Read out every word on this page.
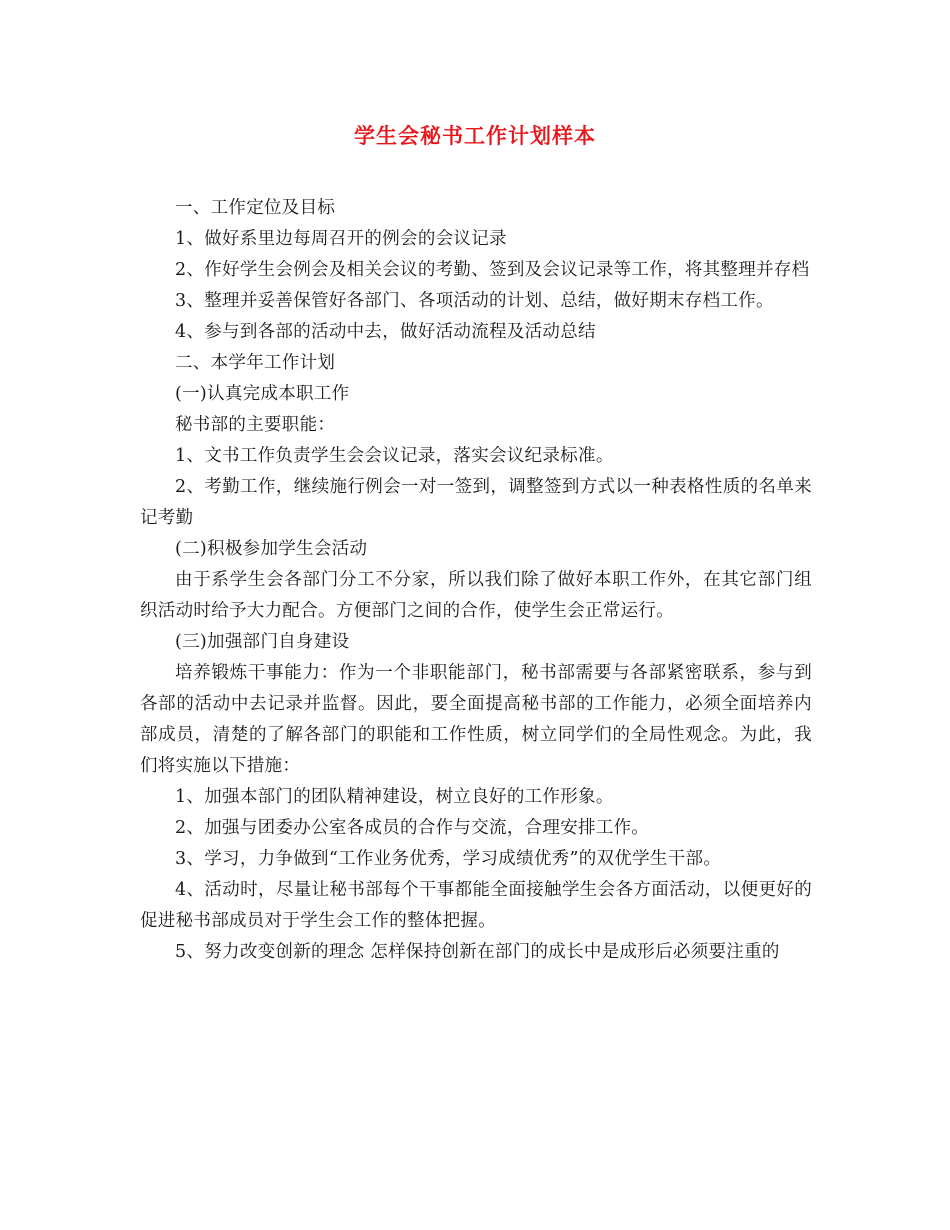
学生会秘书工作计划样本

一、工作定位及目标

1、做好系里边每周召开的例会的会议记录

2、作好学生会例会及相关会议的考勤、签到及会议记录等工作，将其整理并存档

3、整理并妥善保管好各部门、各项活动的计划、总结，做好期末存档工作。

4、参与到各部的活动中去，做好活动流程及活动总结

二、本学年工作计划

(一)认真完成本职工作

秘书部的主要职能：

1、文书工作负责学生会会议记录，落实会议纪录标准。

2、考勤工作，继续施行例会一对一签到，调整签到方式以一种表格性质的名单来记考勤

(二)积极参加学生会活动

由于系学生会各部门分工不分家，所以我们除了做好本职工作外，在其它部门组织活动时给予大力配合。方便部门之间的合作，使学生会正常运行。

(三)加强部门自身建设

培养锻炼干事能力：作为一个非职能部门，秘书部需要与各部紧密联系，参与到各部的活动中去记录并监督。因此，要全面提高秘书部的工作能力，必须全面培养内部成员，清楚的了解各部门的职能和工作性质，树立同学们的全局性观念。为此，我们将实施以下措施：

1、加强本部门的团队精神建设，树立良好的工作形象。

2、加强与团委办公室各成员的合作与交流，合理安排工作。

3、学习，力争做到“工作业务优秀，学习成绩优秀”的双优学生干部。

4、活动时，尽量让秘书部每个干事都能全面接触学生会各方面活动，以便更好的促进秘书部成员对于学生会工作的整体把握。

5、努力改变创新的理念 怎样保持创新在部门的成长中是成形后必须要注重的
